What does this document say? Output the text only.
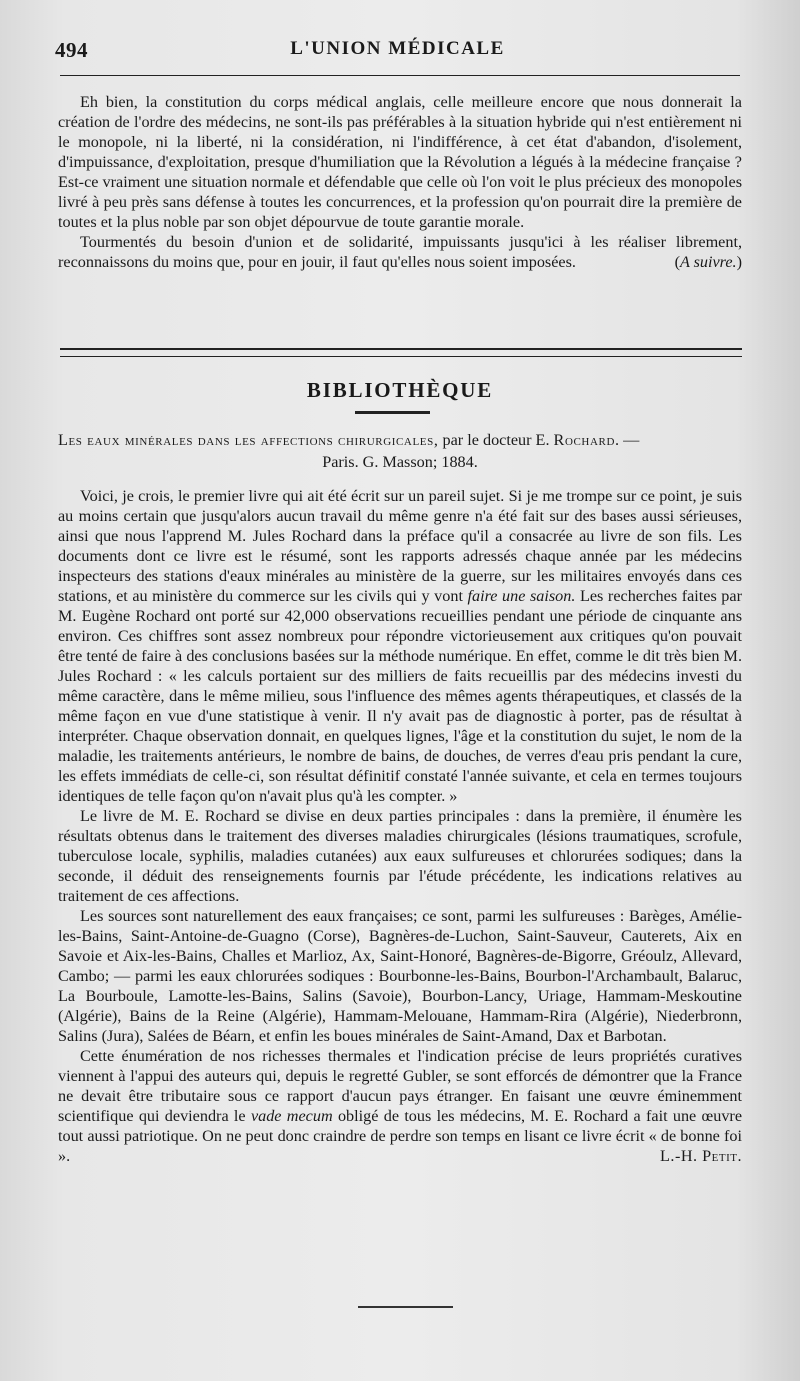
494	L'UNION MÉDICALE

Eh bien, la constitution du corps médical anglais, celle meilleure encore que nous donnerait la création de l'ordre des médecins, ne sont-ils pas préférables à la situation hybride qui n'est entièrement ni le monopole, ni la liberté, ni la considération, ni l'indifférence, à cet état d'abandon, d'isolement, d'impuissance, d'exploitation, presque d'humiliation que la Révolution a légués à la médecine française ? Est-ce vraiment une situation normale et défendable que celle où l'on voit le plus précieux des monopoles livré à peu près sans défense à toutes les concurrences, et la profession qu'on pourrait dire la première de toutes et la plus noble par son objet dépourvue de toute garantie morale.

Tourmentés du besoin d'union et de solidarité, impuissants jusqu'ici à les réaliser librement, reconnaissons du moins que, pour en jouir, il faut qu'elles nous soient imposées.	(A suivre.)

BIBLIOTHÈQUE
Les eaux minérales dans les affections chirurgicales, par le docteur E. Rochard. —
Paris. G. Masson; 1884.

Voici, je crois, le premier livre qui ait été écrit sur un pareil sujet. Si je me trompe sur ce point, je suis au moins certain que jusqu'alors aucun travail du même genre n'a été fait sur des bases aussi sérieuses, ainsi que nous l'apprend M. Jules Rochard dans la préface qu'il a consacrée au livre de son fils. Les documents dont ce livre est le résumé, sont les rapports adressés chaque année par les médecins inspecteurs des stations d'eaux minérales au ministère de la guerre, sur les militaires envoyés dans ces stations, et au ministère du commerce sur les civils qui y vont faire une saison. Les recherches faites par M. Eugène Rochard ont porté sur 42,000 observations recueillies pendant une période de cinquante ans environ. Ces chiffres sont assez nombreux pour répondre victorieusement aux critiques qu'on pouvait être tenté de faire à des conclusions basées sur la méthode numérique. En effet, comme le dit très bien M. Jules Rochard : « les calculs portaient sur des milliers de faits recueillis par des médecins investi du même caractère, dans le même milieu, sous l'influence des mêmes agents thérapeutiques, et classés de la même façon en vue d'une statistique à venir. Il n'y avait pas de diagnostic à porter, pas de résultat à interpréter. Chaque observation donnait, en quelques lignes, l'âge et la constitution du sujet, le nom de la maladie, les traitements antérieurs, le nombre de bains, de douches, de verres d'eau pris pendant la cure, les effets immédiats de celle-ci, son résultat définitif constaté l'année suivante, et cela en termes toujours identiques de telle façon qu'on n'avait plus qu'à les compter. »

Le livre de M. E. Rochard se divise en deux parties principales : dans la première, il énumère les résultats obtenus dans le traitement des diverses maladies chirurgicales (lésions traumatiques, scrofule, tuberculose locale, syphilis, maladies cutanées) aux eaux sulfureuses et chlorurées sodiques; dans la seconde, il déduit des renseignements fournis par l'étude précédente, les indications relatives au traitement de ces affections.

Les sources sont naturellement des eaux françaises; ce sont, parmi les sulfureuses : Barèges, Amélie-les-Bains, Saint-Antoine-de-Guagno (Corse), Bagnères-de-Luchon, Saint-Sauveur, Cauterets, Aix en Savoie et Aix-les-Bains, Challes et Marlioz, Ax, Saint-Honoré, Bagnères-de-Bigorre, Gréoulz, Allevard, Cambo; — parmi les eaux chlorurées sodiques : Bourbonne-les-Bains, Bourbon-l'Archambault, Balaruc, La Bourboule, Lamotte-les-Bains, Salins (Savoie), Bourbon-Lancy, Uriage, Hammam-Meskoutine (Algérie), Bains de la Reine (Algérie), Hammam-Melouane, Hammam-Rira (Algérie), Niederbronn, Salins (Jura), Salées de Béarn, et enfin les boues minérales de Saint-Amand, Dax et Barbotan.

Cette énumération de nos richesses thermales et l'indication précise de leurs propriétés curatives viennent à l'appui des auteurs qui, depuis le regretté Gubler, se sont efforcés de démontrer que la France ne devait être tributaire sous ce rapport d'aucun pays étranger. En faisant une œuvre éminemment scientifique qui deviendra le vade mecum obligé de tous les médecins, M. E. Rochard a fait une œuvre tout aussi patriotique. On ne peut donc craindre de perdre son temps en lisant ce livre écrit « de bonne foi ».	L.-H. Petit.
